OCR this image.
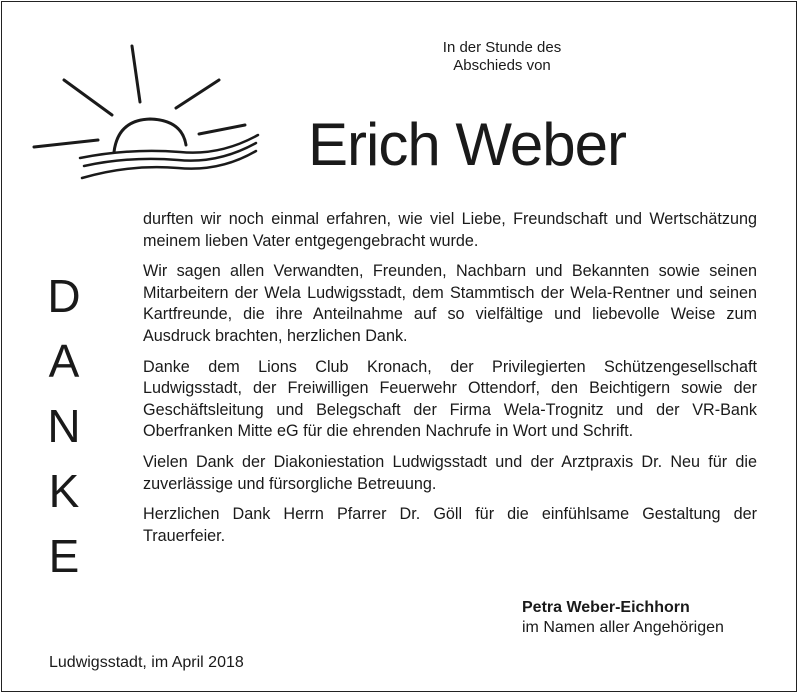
In der Stunde des
Abschieds von
Erich Weber
D
A
N
K
E

durften wir noch einmal erfahren, wie viel Liebe, Freundschaft und Wertschätzung meinem lieben Vater entgegengebracht wurde.

Wir sagen allen Verwandten, Freunden, Nachbarn und Bekannten sowie seinen Mitarbeitern der Wela Ludwigsstadt, dem Stammtisch der Wela-Rentner und seinen Kartfreunde, die ihre Anteilnahme auf so vielfältige und liebevolle Weise zum Ausdruck brachten, herzlichen Dank.

Danke dem Lions Club Kronach, der Privilegierten Schützengesellschaft Ludwigsstadt, der Freiwilligen Feuerwehr Ottendorf, den Beichtigern sowie der Geschäftsleitung und Belegschaft der Firma Wela-Trognitz und der VR-Bank Oberfranken Mitte eG für die ehrenden Nachrufe in Wort und Schrift.

Vielen Dank der Diakoniestation Ludwigsstadt und der Arztpraxis Dr. Neu für die zuverlässige und fürsorgliche Betreuung.

Herzlichen Dank Herrn Pfarrer Dr. Göll für die einfühlsame Gestaltung der Trauerfeier.

Petra Weber-Eichhorn
im Namen aller Angehörigen
Ludwigsstadt, im April 2018
